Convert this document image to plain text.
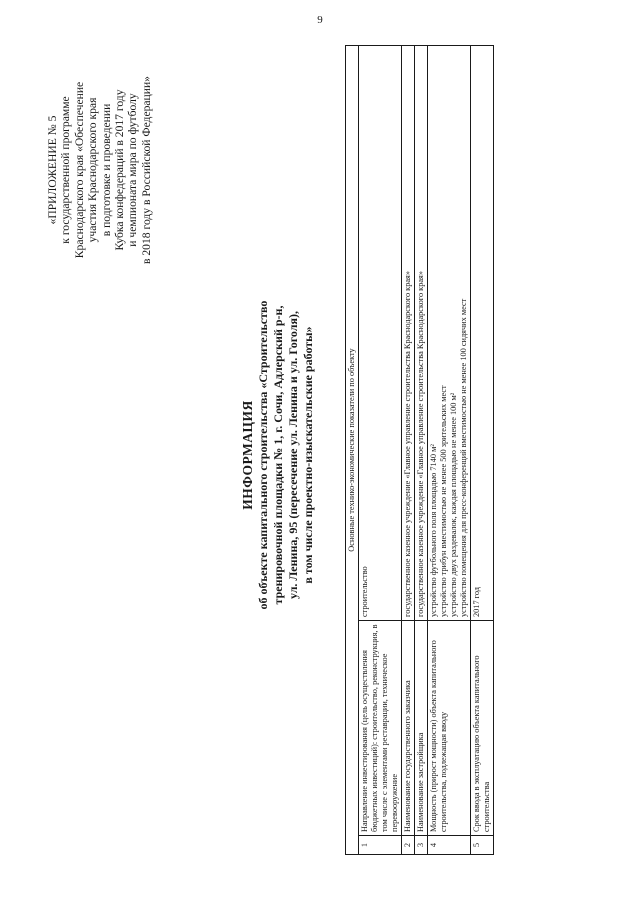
9
«ПРИЛОЖЕНИЕ № 5 к государственной программе Краснодарского края «Обеспечение участия Краснодарского края в подготовке и проведении Кубка конфедераций в 2017 году и чемпионата мира по футболу в 2018 году в Российской Федерации»
ИНФОРМАЦИЯ об объекте капитального строительства «Строительство тренировочной площадки № 1, г. Сочи, Адлерский р-н, ул. Ленина, 95 (пересечение ул. Ленина и ул. Гоголя), в том числе проектно-изыскательские работы»	Основные технико-экономические показатели по объекту		
1	Направление инвестирования (цель осуществления бюджетных инвестиций): строительство, реконструкция, в том числе с элементами реставрации, техническое перевооружение	строительство

2	Наименование государственного заказчика	государственное казенное учреждение «Главное управление строительства Краснодарского края»

3	Наименование застройщика	государственное казенное учреждение «Главное управление строительства Краснодарского края»

4	Мощность (прирост мощности) объекта капитального строительства, подлежащая вводу	устройство футбольного поля площадью 7140 м² устройство трибун вместимостью не менее 500 зрительских мест устройство двух раздевалок, каждая площадью не менее 100 м² устройство помещения для пресс-конференций вместимостью не менее 100 сидячих мест

5	Срок ввода в эксплуатацию объекта капитального строительства	2017 год
